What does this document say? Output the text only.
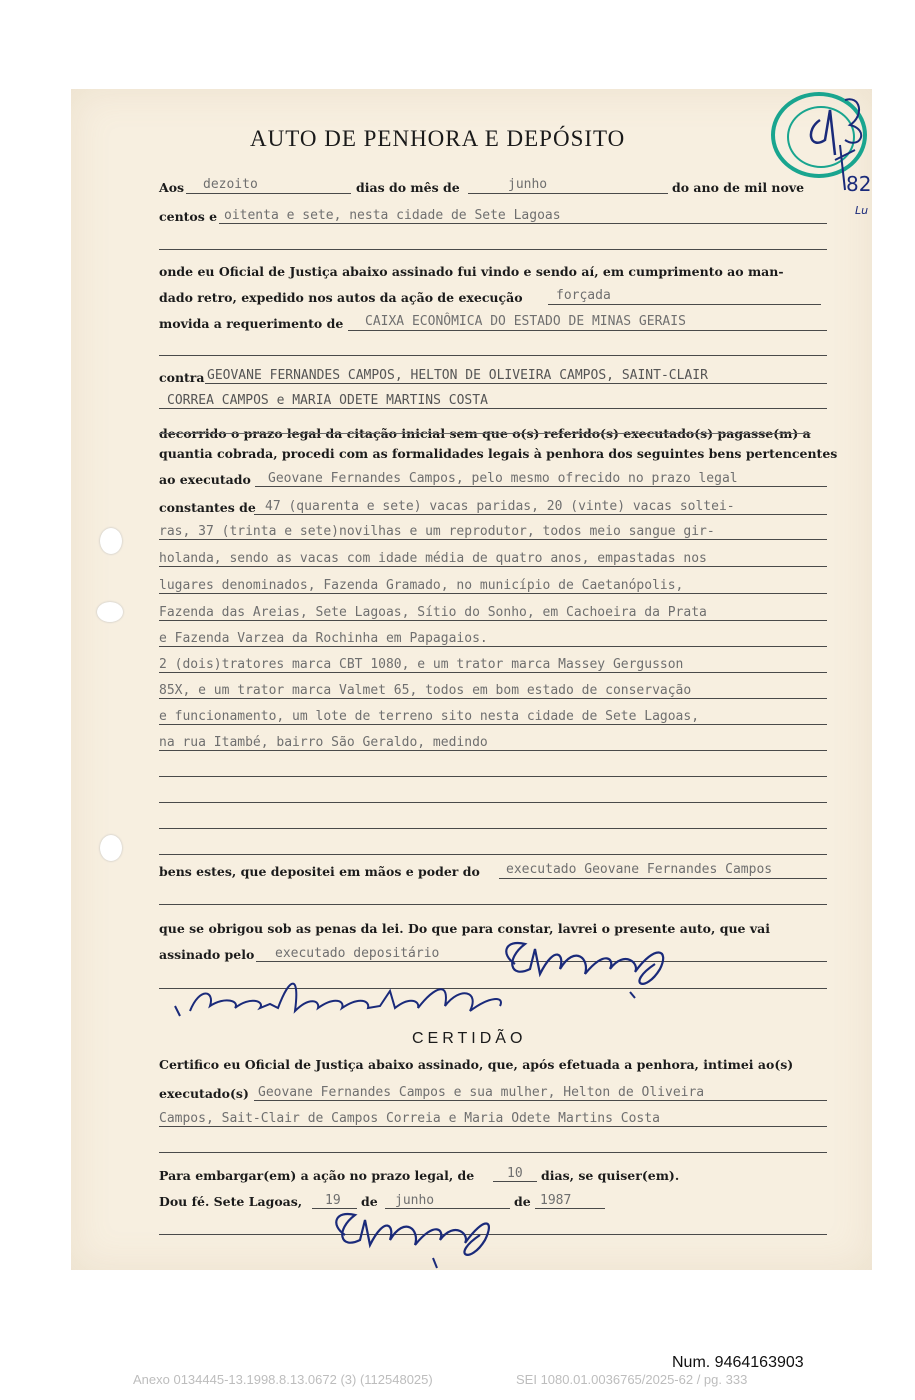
82
Lu
AUTO DE PENHORA E DEPÓSITO
Aos dezoito	dias do mês de	junho	do ano de mil nove
centos e oitenta e sete, nesta cidade de Sete Lagoas
onde eu Oficial de Justiça abaixo assinado fui vindo e sendo aí, em cumprimento ao man-
dado retro, expedido nos autos da ação de execução	forçada
movida a requerimento de CAIXA ECONÔMICA DO ESTADO DE MINAS GERAIS
contra GEOVANE FERNANDES CAMPOS, HELTON DE OLIVEIRA CAMPOS, SAINT-CLAIR
CORREA CAMPOS e MARIA ODETE MARTINS COSTA
decorrido o prazo legal da citação inicial sem que o(s) referido(s) executado(s) pagasse(m) a
quantia cobrada, procedi com as formalidades legais à penhora dos seguintes bens pertencentes
ao executado Geovane Fernandes Campos, pelo mesmo ofrecido no prazo legal
constantes de 47 (quarenta e sete) vacas paridas, 20 (vinte) vacas soltei-
ras, 37 (trinta e sete)novilhas e um reprodutor, todos meio sangue gir-
holanda, sendo as vacas com idade média de quatro anos, empastadas nos
lugares denominados, Fazenda Gramado, no município de Caetanópolis,
Fazenda das Areias, Sete Lagoas, Sítio do Sonho, em Cachoeira da Prata
e Fazenda Varzea da Rochinha em Papagaios.
2 (dois)tratores marca CBT 1080, e um trator marca Massey Gergusson
85X, e um trator marca Valmet 65, todos em bom estado de conservação
e funcionamento, um lote de terreno sito nesta cidade de Sete Lagoas,
na rua Itambé, bairro São Geraldo, medindo
bens estes, que depositei em mãos e poder do executado Geovane Fernandes Campos
que se obrigou sob as penas da lei. Do que para constar, lavrei o presente auto, que vai
assinado pelo executado depositário
CERTIDÃO
Certifico eu Oficial de Justiça abaixo assinado, que, após efetuada a penhora, intimei ao(s)
executado(s) Geovane Fernandes Campos e sua mulher, Helton de Oliveira
Campos, Sait-Clair de Campos Correia e Maria Odete Martins Costa
Para embargar(em) a ação no prazo legal, de	10 dias, se quiser(em).
Dou fé. Sete Lagoas, 19 de junho	de 1987
Num. 9464163903
Anexo 0134445-13.1998.8.13.0672 (3) (112548025)	SEI 1080.01.0036765/2025-62 / pg. 333
